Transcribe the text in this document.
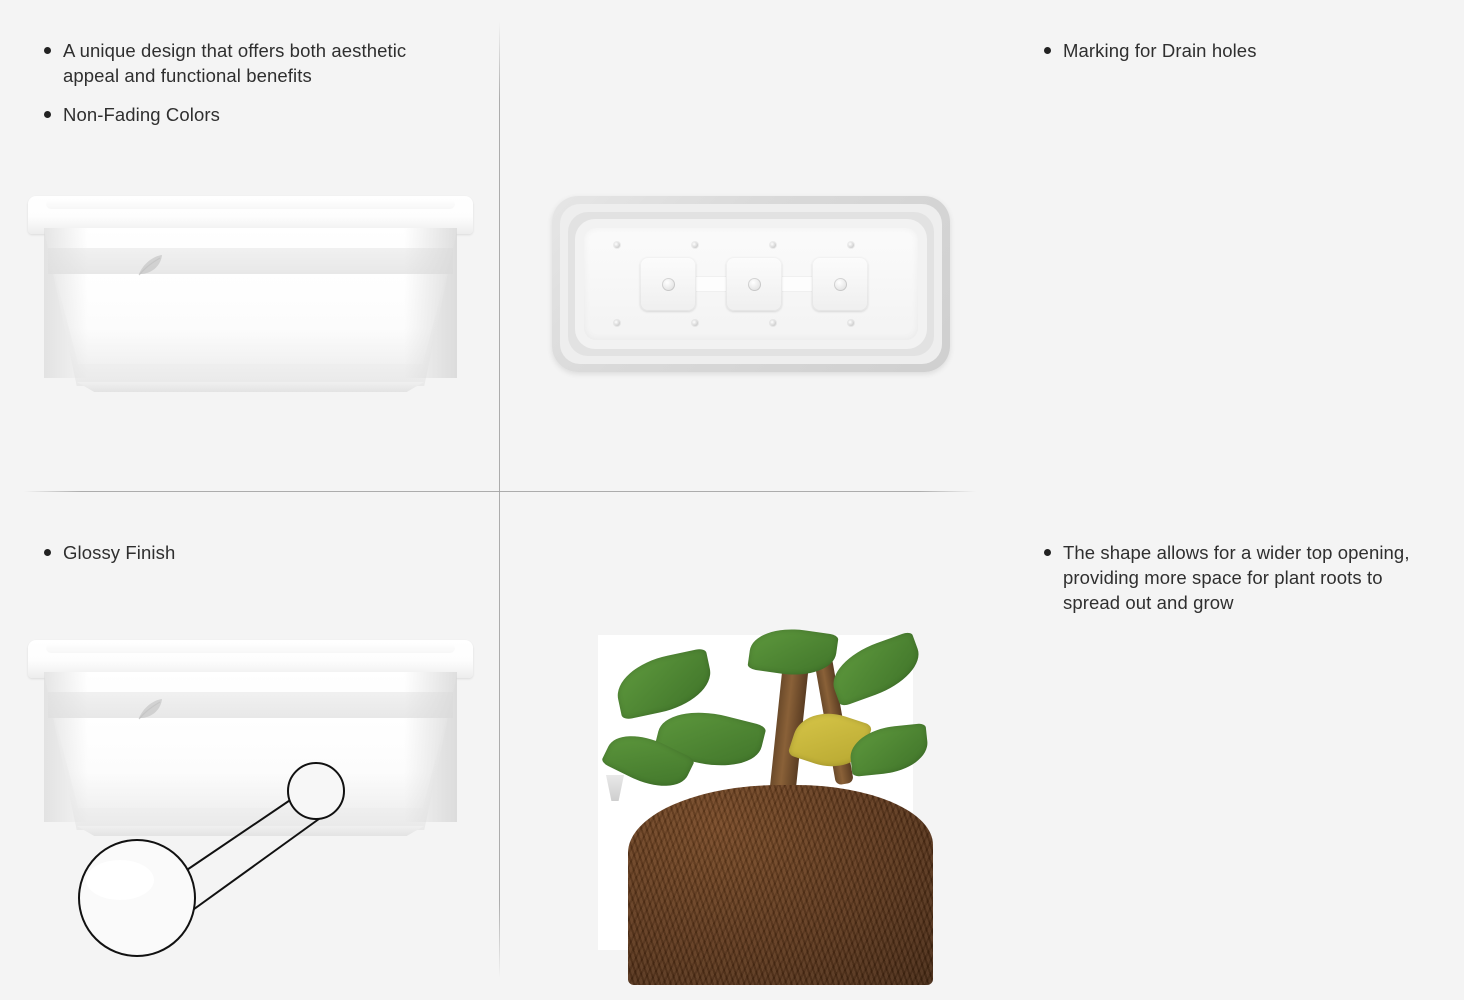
A unique design that offers both aesthetic appeal and functional benefits
Non-Fading Colors
Marking for Drain holes
Glossy Finish	The shape allows for a wider top opening, providing more space for plant roots to spread out and grow
